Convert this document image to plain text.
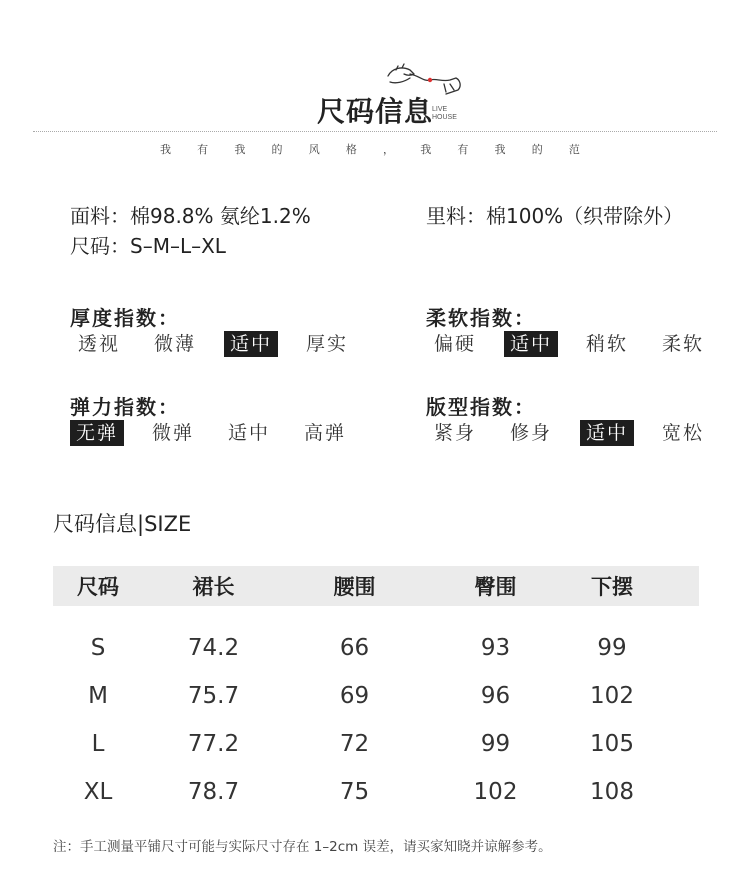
尺码信息 LIVE
HOUSE
我 有 我 的 风 格 ， 我 有 我 的 范
面料：棉98.8% 氨纶1.2%	里料：棉100%（织带除外）
尺码：S–M–L–XL
厚度指数：
透视	微薄	适中	厚实
柔软指数：
偏硬	适中	稍软	柔软
弹力指数：
无弹	微弹	适中	高弹
版型指数：
紧身	修身	适中	宽松
尺码信息|SIZE
尺码	裙长	腰围	臀围	下摆
S	74.2	66	93	99
M	75.7	69	96	102
L	77.2	72	99	105
XL	78.7	75	102	108
注：手工测量平铺尺寸可能与实际尺寸存在 1–2cm 误差，请买家知晓并谅解参考。
